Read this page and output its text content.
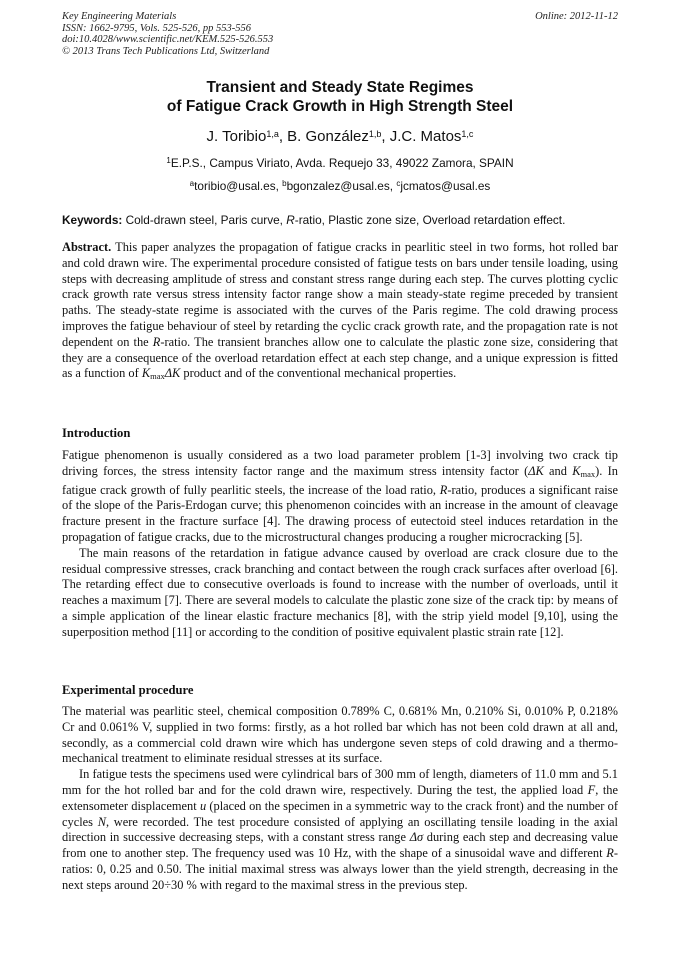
Key Engineering Materials
ISSN: 1662-9795, Vols. 525-526, pp 553-556
doi:10.4028/www.scientific.net/KEM.525-526.553
© 2013 Trans Tech Publications Ltd, Switzerland
Online: 2012-11-12
Transient and Steady State Regimes
of Fatigue Crack Growth in High Strength Steel
J. Toribio$^{1,a}$, B. González$^{1,b}$, J.C. Matos$^{1,c}$
$^1$E.P.S., Campus Viriato, Avda. Requejo 33, 49022 Zamora, SPAIN
$^a$toribio@usal.es, $^b$bgonzalez@usal.es, $^c$jcmatos@usal.es
Keywords: Cold-drawn steel, Paris curve, R-ratio, Plastic zone size, Overload retardation effect.

Abstract. This paper analyzes the propagation of fatigue cracks in pearlitic steel in two forms, hot rolled bar and cold drawn wire. The experimental procedure consisted of fatigue tests on bars under tensile loading, using steps with decreasing amplitude of stress and constant stress range during each step. The curves plotting cyclic crack growth rate versus stress intensity factor range show a main steady-state regime preceded by transient paths. The steady-state regime is associated with the curves of the Paris regime. The cold drawing process improves the fatigue behaviour of steel by retarding the cyclic crack growth rate, and the propagation rate is not dependent on the R-ratio. The transient branches allow one to calculate the plastic zone size, considering that they are a consequence of the overload retardation effect at each step change, and a unique expression is fitted as a function of $K_{max}\Delta K$ product and of the conventional mechanical properties.

Introduction

Fatigue phenomenon is usually considered as a two load parameter problem [1-3] involving two crack tip driving forces, the stress intensity factor range and the maximum stress intensity factor (ΔK and $K_{max}$). In fatigue crack growth of fully pearlitic steels, the increase of the load ratio, R-ratio, produces a significant raise of the slope of the Paris-Erdogan curve; this phenomenon coincides with an increase in the amount of cleavage fracture present in the fracture surface [4]. The drawing process of eutectoid steel induces retardation in the propagation of fatigue cracks, due to the microstructural changes producing a rougher microcracking [5].

The main reasons of the retardation in fatigue advance caused by overload are crack closure due to the residual compressive stresses, crack branching and contact between the rough crack surfaces after overload [6]. The retarding effect due to consecutive overloads is found to increase with the number of overloads, until it reaches a maximum [7]. There are several models to calculate the plastic zone size of the crack tip: by means of a simple application of the linear elastic fracture mechanics [8], with the strip yield model [9,10], using the superposition method [11] or according to the condition of positive equivalent plastic strain rate [12].

Experimental procedure

The material was pearlitic steel, chemical composition 0.789% C, 0.681% Mn, 0.210% Si, 0.010% P, 0.218% Cr and 0.061% V, supplied in two forms: firstly, as a hot rolled bar which has not been cold drawn at all and, secondly, as a commercial cold drawn wire which has undergone seven steps of cold drawing and a thermo-mechanical treatment to eliminate residual stresses at its surface.

In fatigue tests the specimens used were cylindrical bars of 300 mm of length, diameters of 11.0 mm and 5.1 mm for the hot rolled bar and for the cold drawn wire, respectively. During the test, the applied load F, the extensometer displacement u (placed on the specimen in a symmetric way to the crack front) and the number of cycles N, were recorded. The test procedure consisted of applying an oscillating tensile loading in the axial direction in successive decreasing steps, with a constant stress range Δσ during each step and decreasing value from one to another step. The frequency used was 10 Hz, with the shape of a sinusoidal wave and different R-ratios: 0, 0.25 and 0.50. The initial maximal stress was always lower than the yield strength, decreasing in the next steps around 20÷30 % with regard to the maximal stress in the previous step.
